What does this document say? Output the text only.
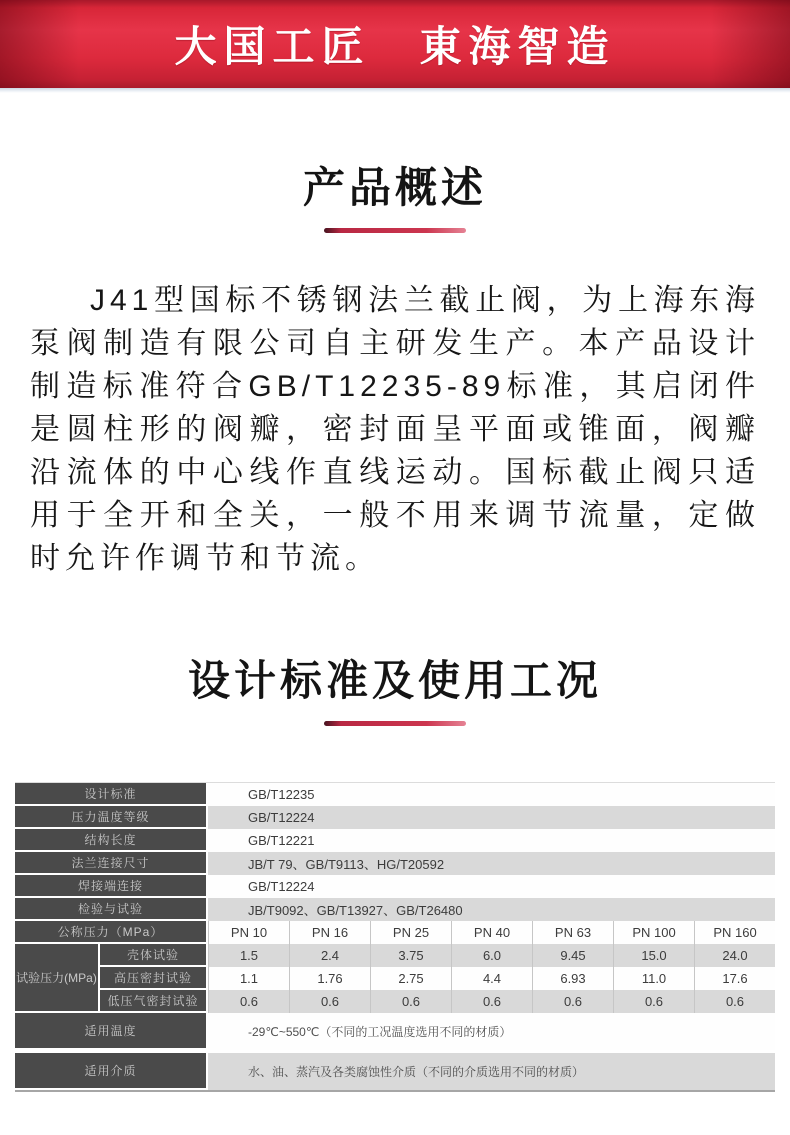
大国工匠　東海智造
产品概述

J41型国标不锈钢法兰截止阀，为上海东海泵阀制造有限公司自主研发生产。本产品设计制造标准符合GB/T12235-89标准，其启闭件是圆柱形的阀瓣，密封面呈平面或锥面，阀瓣沿流体的中心线作直线运动。国标截止阀只适用于全开和全关，一般不用来调节流量，定做时允许作调节和节流。

设计标准及使用工况
设计标准	GB/T12235
压力温度等级	GB/T12224
结构长度	GB/T12221
法兰连接尺寸	JB/T 79、GB/T9113、HG/T20592
焊接端连接	GB/T12224
检验与试验	JB/T9092、GB/T13927、GB/T26480
公称压力（MPa）	PN 10	PN 16	PN 25	PN 40	PN 63	PN 100	PN 160
试验压力(MPa)
壳体试验	1.5	2.4	3.75	6.0	9.45	15.0	24.0
高压密封试验	1.1	1.76	2.75	4.4	6.93	11.0	17.6
低压气密封试验	0.6	0.6	0.6	0.6	0.6	0.6	0.6
适用温度	-29℃~550℃（不同的工况温度选用不同的材质）
适用介质	水、油、蒸汽及各类腐蚀性介质（不同的介质选用不同的材质）
